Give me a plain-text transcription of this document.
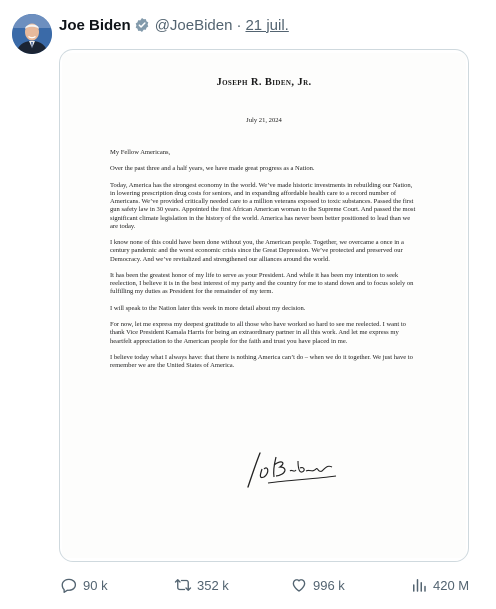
Joe Biden @JoeBiden · 21 juil.
Joseph R. Biden, Jr.
July 21, 2024

My Fellow Americans,

Over the past three and a half years, we have made great progress as a Nation.

Today, America has the strongest economy in the world. We’ve made historic investments in rebuilding our Nation, in lowering prescription drug costs for seniors, and in expanding affordable health care to a record number of Americans. We’ve provided critically needed care to a million veterans exposed to toxic substances. Passed the first gun safety law in 30 years. Appointed the first African American woman to the Supreme Court. And passed the most significant climate legislation in the history of the world. America has never been better positioned to lead than we are today.

I know none of this could have been done without you, the American people. Together, we overcame a once in a century pandemic and the worst economic crisis since the Great Depression. We’ve protected and preserved our Democracy. And we’ve revitalized and strengthened our alliances around the world.

It has been the greatest honor of my life to serve as your President. And while it has been my intention to seek reelection, I believe it is in the best interest of my party and the country for me to stand down and to focus solely on fulfilling my duties as President for the remainder of my term.

I will speak to the Nation later this week in more detail about my decision.

For now, let me express my deepest gratitude to all those who have worked so hard to see me reelected. I want to thank Vice President Kamala Harris for being an extraordinary partner in all this work. And let me express my heartfelt appreciation to the American people for the faith and trust you have placed in me.

I believe today what I always have: that there is nothing America can’t do – when we do it together. We just have to remember we are the United States of America.

90 k	352 k	996 k	420 M
